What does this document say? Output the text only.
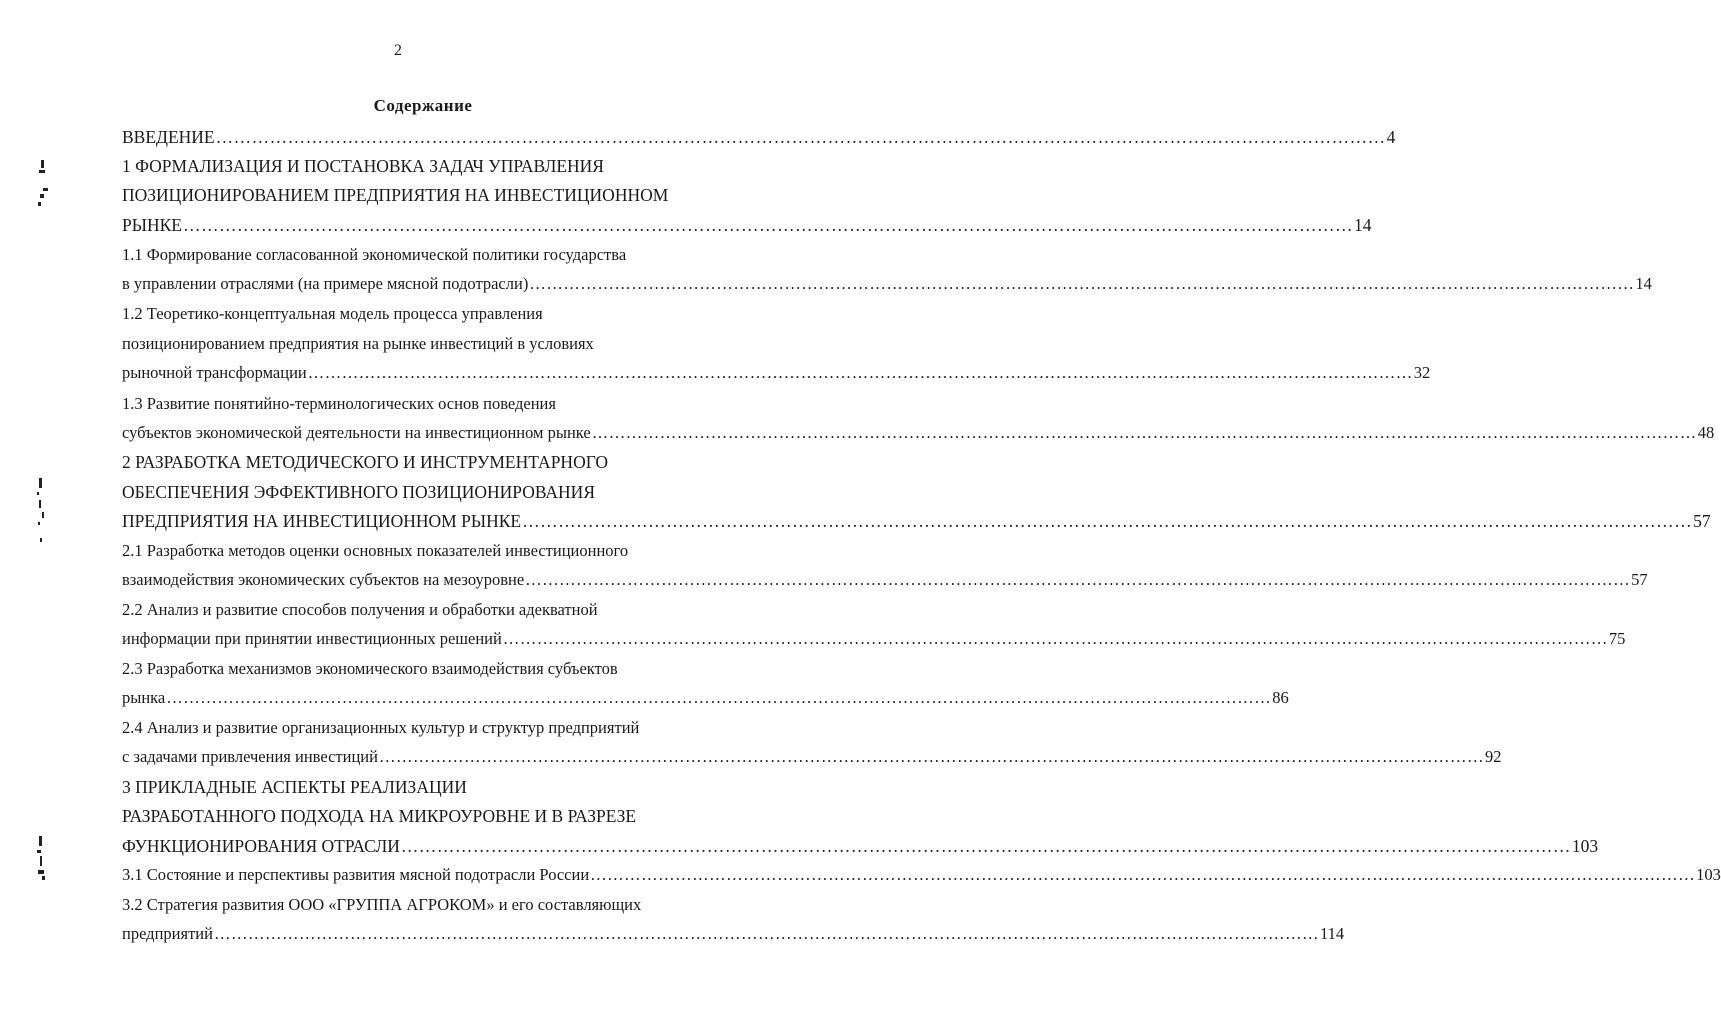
2
Содержание
ВВЕДЕНИЕ …………………………………………………………………………………………………………………………………………………………………………… 4
1 ФОРМАЛИЗАЦИЯ И ПОСТАНОВКА ЗАДАЧ УПРАВЛЕНИЯ
ПОЗИЦИОНИРОВАНИЕМ ПРЕДПРИЯТИЯ НА ИНВЕСТИЦИОННОМ
РЫНКЕ …………………………………………………………………………………………………………………………………………………………………………… 14
1.1 Формирование согласованной экономической политики государства
в управлении отраслями (на примере мясной подотрасли) …………………………………………………………………………………………………………………………………………………………………………… 14
1.2 Теоретико-концептуальная модель процесса управления
позиционированием предприятия на рынке инвестиций в условиях
рыночной трансформации …………………………………………………………………………………………………………………………………………………………………………… 32
1.3 Развитие понятийно-терминологических основ поведения
субъектов экономической деятельности на инвестиционном рынке …………………………………………………………………………………………………………………………………………………………………………… 48
2 РАЗРАБОТКА МЕТОДИЧЕСКОГО И ИНСТРУМЕНТАРНОГО
ОБЕСПЕЧЕНИЯ ЭФФЕКТИВНОГО ПОЗИЦИОНИРОВАНИЯ
ПРЕДПРИЯТИЯ НА ИНВЕСТИЦИОННОМ РЫНКЕ …………………………………………………………………………………………………………………………………………………………………………… 57
2.1 Разработка методов оценки основных показателей инвестиционного
взаимодействия экономических субъектов на мезоуровне …………………………………………………………………………………………………………………………………………………………………………… 57
2.2 Анализ и развитие способов получения и обработки адекватной
информации при принятии инвестиционных решений …………………………………………………………………………………………………………………………………………………………………………… 75
2.3 Разработка механизмов экономического взаимодействия субъектов
рынка …………………………………………………………………………………………………………………………………………………………………………… 86
2.4 Анализ и развитие организационных культур и структур предприятий
с задачами привлечения инвестиций …………………………………………………………………………………………………………………………………………………………………………… 92
3 ПРИКЛАДНЫЕ АСПЕКТЫ РЕАЛИЗАЦИИ
РАЗРАБОТАННОГО ПОДХОДА НА МИКРОУРОВНЕ И В РАЗРЕЗЕ
ФУНКЦИОНИРОВАНИЯ ОТРАСЛИ …………………………………………………………………………………………………………………………………………………………………………… 103
3.1 Состояние и перспективы развития мясной подотрасли России …………………………………………………………………………………………………………………………………………………………………………… 103
3.2 Стратегия развития ООО «ГРУППА АГРОКОМ» и его составляющих
предприятий …………………………………………………………………………………………………………………………………………………………………………… 114
